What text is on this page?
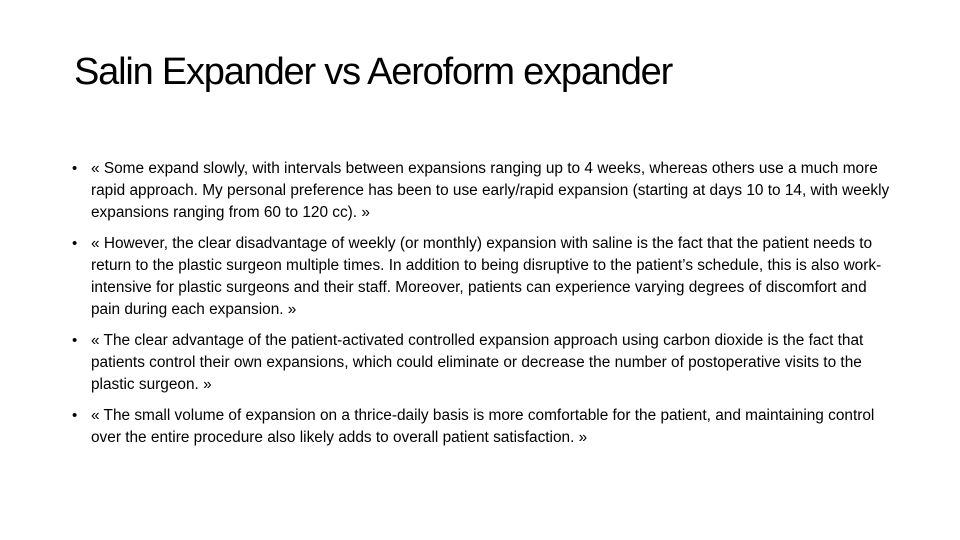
Salin Expander vs Aeroform expander
• « Some expand slowly, with intervals between expansions ranging up to 4 weeks, whereas others use a much more rapid approach. My personal preference has been to use early/rapid expansion (starting at days 10 to 14, with weekly expansions ranging from 60 to 120 cc). »
• « However, the clear disadvantage of weekly (or monthly) expansion with saline is the fact that the patient needs to return to the plastic surgeon multiple times. In addition to being disruptive to the patient’s schedule, this is also work-intensive for plastic surgeons and their staff. Moreover, patients can experience varying degrees of discomfort and pain during each expansion. »
• « The clear advantage of the patient-activated controlled expansion approach using carbon dioxide is the fact that patients control their own expansions, which could eliminate or decrease the number of postoperative visits to the plastic surgeon. »
• « The small volume of expansion on a thrice-daily basis is more comfortable for the patient, and maintaining control over the entire procedure also likely adds to overall patient satisfaction. »
